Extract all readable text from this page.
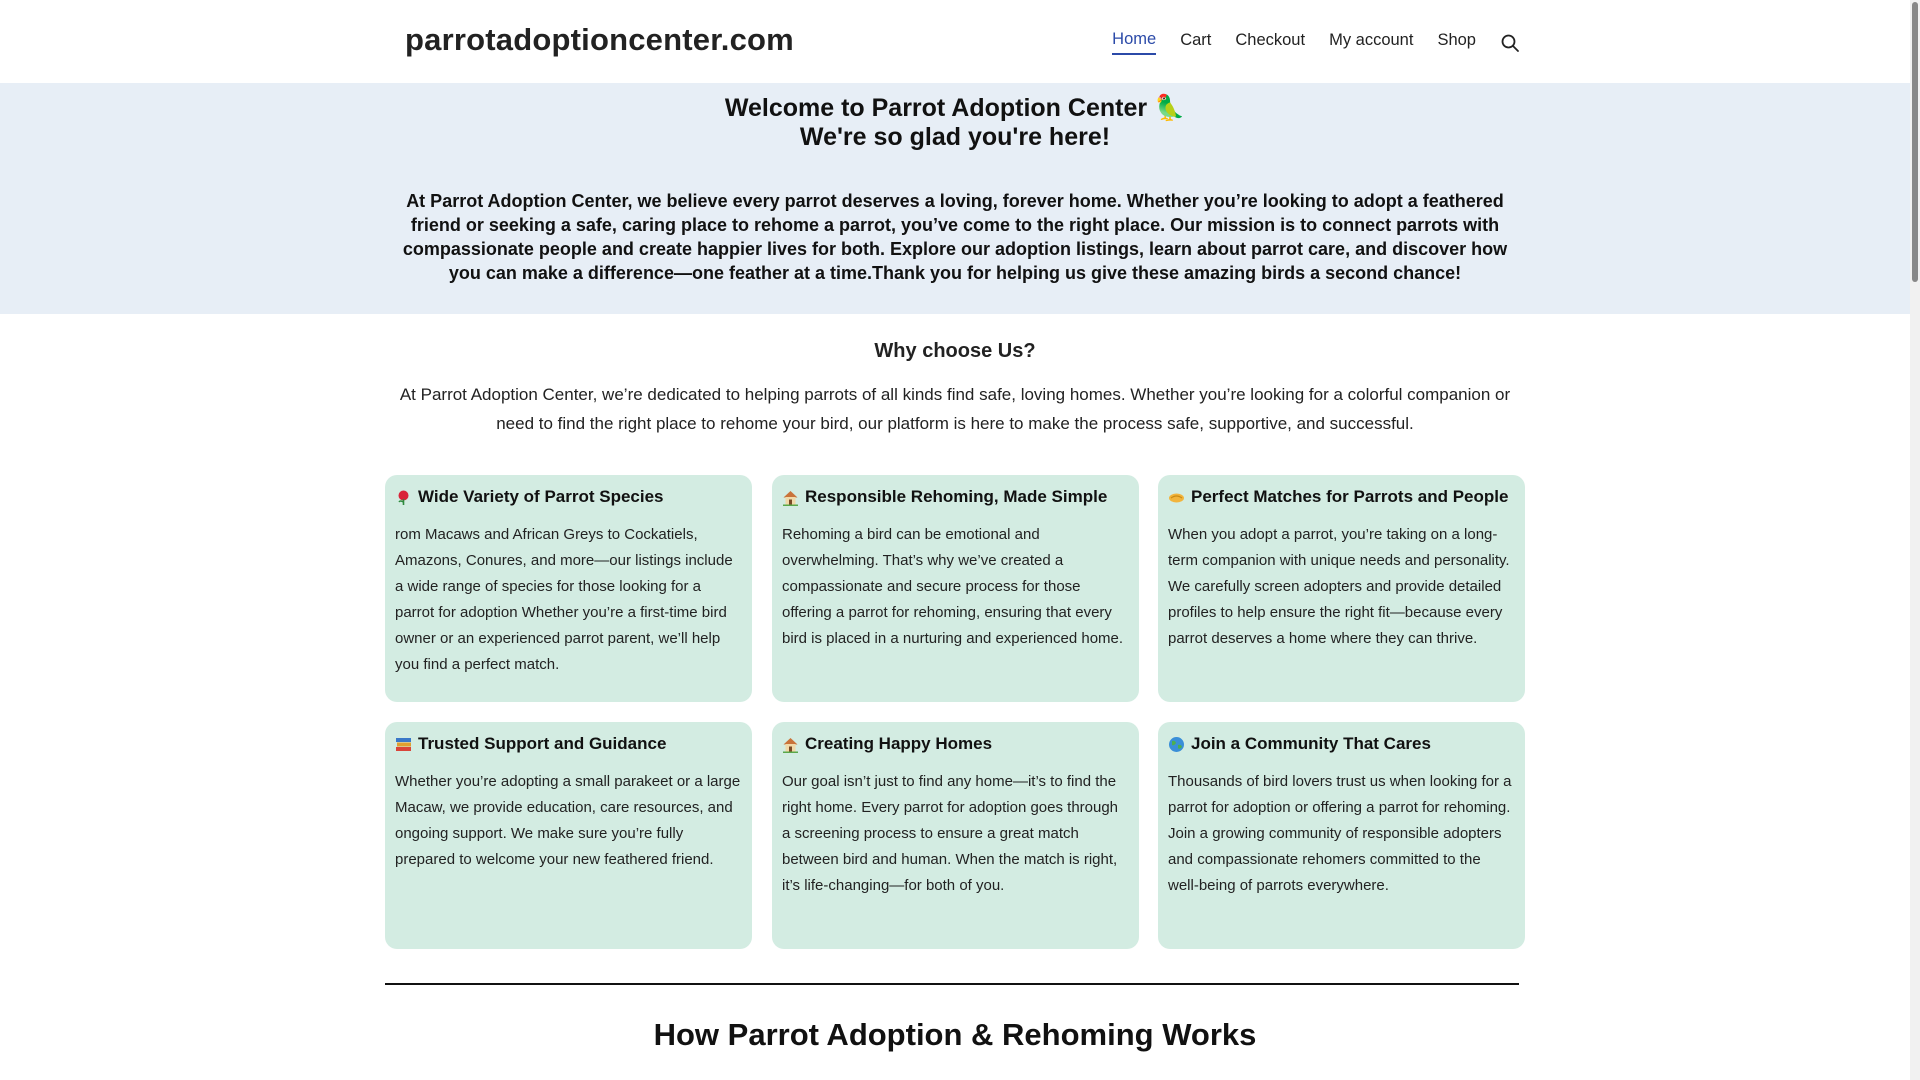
parrotadoptioncenter.com	Home Cart Checkout My account Shop
Welcome to Parrot Adoption Center 🦜
We're so glad you're here!
At Parrot Adoption Center, we believe every parrot deserves a loving, forever home. Whether you’re looking to adopt a feathered friend or seeking a safe, caring place to rehome a parrot, you’ve come to the right place. Our mission is to connect parrots with compassionate people and create happier lives for both. Explore our adoption listings, learn about parrot care, and discover how you can make a difference—one feather at a time.Thank you for helping us give these amazing birds a second chance!
Why choose Us?
At Parrot Adoption Center, we’re dedicated to helping parrots of all kinds find safe, loving homes. Whether you’re looking for a colorful companion or need to find the right place to rehome your bird, our platform is here to make the process safe, supportive, and successful.
Wide Variety of Parrot Species
rom Macaws and African Greys to Cockatiels, Amazons, Conures, and more—our listings include a wide range of species for those looking for a parrot for adoption Whether you’re a first-time bird owner or an experienced parrot parent, we’ll help you find a perfect match.
Responsible Rehoming, Made Simple
Rehoming a bird can be emotional and overwhelming. That’s why we’ve created a compassionate and secure process for those offering a parrot for rehoming, ensuring that every bird is placed in a nurturing and experienced home.
Perfect Matches for Parrots and People
When you adopt a parrot, you’re taking on a long-term companion with unique needs and personality. We carefully screen adopters and provide detailed profiles to help ensure the right fit—because every parrot deserves a home where they can thrive.
Trusted Support and Guidance
Whether you’re adopting a small parakeet or a large Macaw, we provide education, care resources, and ongoing support. We make sure you’re fully prepared to welcome your new feathered friend.
Creating Happy Homes
Our goal isn’t just to find any home—it’s to find the right home. Every parrot for adoption goes through a screening process to ensure a great match between bird and human. When the match is right, it’s life-changing—for both of you.
Join a Community That Cares
Thousands of bird lovers trust us when looking for a parrot for adoption or offering a parrot for rehoming. Join a growing community of responsible adopters and compassionate rehomers committed to the well-being of parrots everywhere.
How Parrot Adoption & Rehoming Works
